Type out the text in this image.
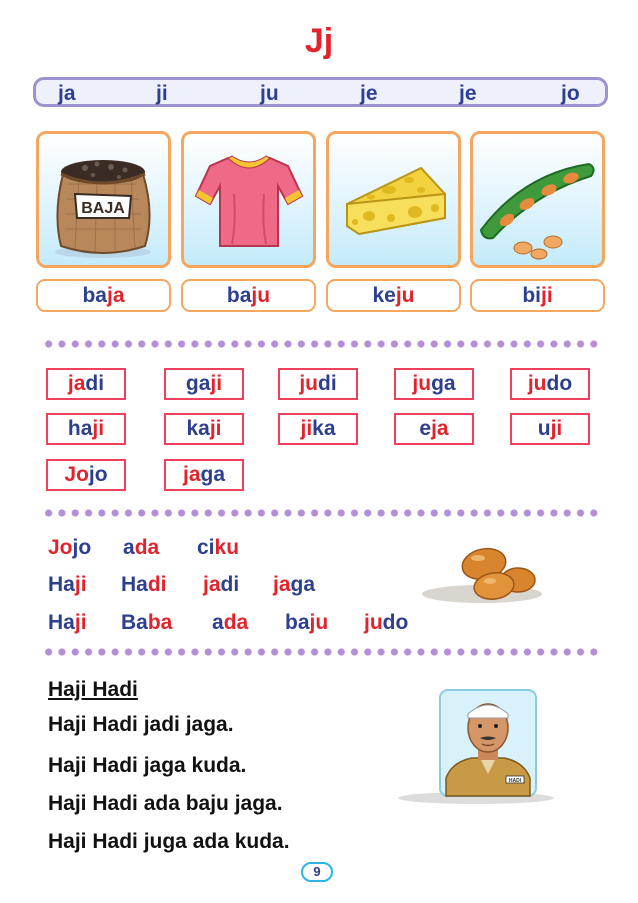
Jj
ja	ji	ju	je	je	jo
BAJA
baja	baju	keju	biji
jadi	gaji	judi	juga	judo
haji	kaji	jika	eja	uji
Jojo	jaga
Jojo ada ciku
Haji Hadi jadi jaga
Haji Baba ada baju judo
Haji Hadi
Haji Hadi jadi jaga.
Haji Hadi jaga kuda.
Haji Hadi ada baju jaga.
Haji Hadi juga ada kuda.
HADI
9
